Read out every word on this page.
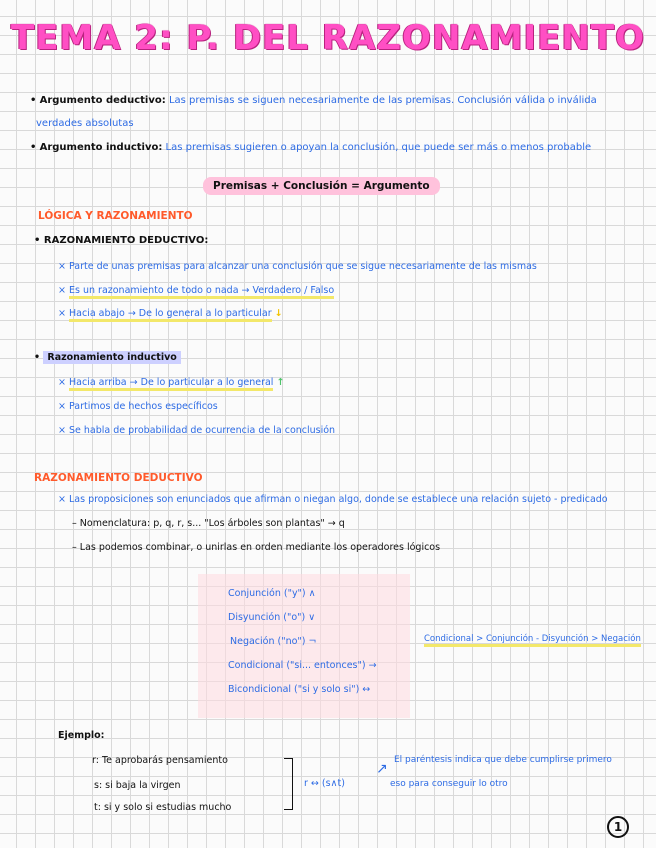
TEMA 2: P. DEL RAZONAMIENTO
• Argumento deductivo: Las premisas se siguen necesariamente de las premisas. Conclusión válida o inválida
verdades absolutas
• Argumento inductivo: Las premisas sugieren o apoyan la conclusión, que puede ser más o menos probable
Premisas + Conclusión = Argumento
LÓGICA Y RAZONAMIENTO
• RAZONAMIENTO DEDUCTIVO:
× Parte de unas premisas para alcanzar una conclusión que se sigue necesariamente de las mismas
× Es un razonamiento de todo o nada → Verdadero / Falso
× Hacia abajo → De lo general a lo particular ↓
• Razonamiento inductivo
× Hacia arriba → De lo particular a lo general ↑
× Partimos de hechos específicos
× Se habla de probabilidad de ocurrencia de la conclusión
RAZONAMIENTO DEDUCTIVO
× Las proposiciones son enunciados que afirman o niegan algo, donde se establece una relación sujeto - predicado
– Nomenclatura: p, q, r, s... "Los árboles son plantas" → q
– Las podemos combinar, o unirlas en orden mediante los operadores lógicos
Conjunción ("y") ∧
Disyunción ("o") ∨
Negación ("no") ¬
Condicional ("si... entonces") →
Bicondicional ("si y solo si") ↔
Condicional > Conjunción - Disyunción > Negación
Ejemplo:
r: Te aprobarás pensamiento
s: si baja la virgen
t: si y solo si estudias mucho
r ↔ (s∧t)
↗
El paréntesis indica que debe cumplirse primero
eso para conseguir lo otro
1
